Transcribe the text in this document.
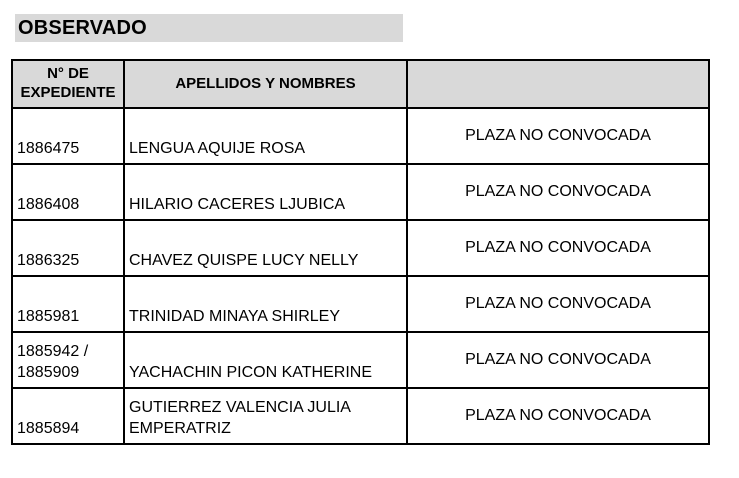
OBSERVADO
N° DE EXPEDIENTE	APELLIDOS Y NOMBRES	
1886475	LENGUA AQUIJE ROSA	PLAZA NO CONVOCADA
1886408	HILARIO CACERES LJUBICA	PLAZA NO CONVOCADA
1886325	CHAVEZ QUISPE LUCY NELLY	PLAZA NO CONVOCADA
1885981	TRINIDAD MINAYA SHIRLEY	PLAZA NO CONVOCADA
1885942 / 1885909	YACHACHIN PICON KATHERINE	PLAZA NO CONVOCADA
1885894	GUTIERREZ VALENCIA JULIA EMPERATRIZ	PLAZA NO CONVOCADA
